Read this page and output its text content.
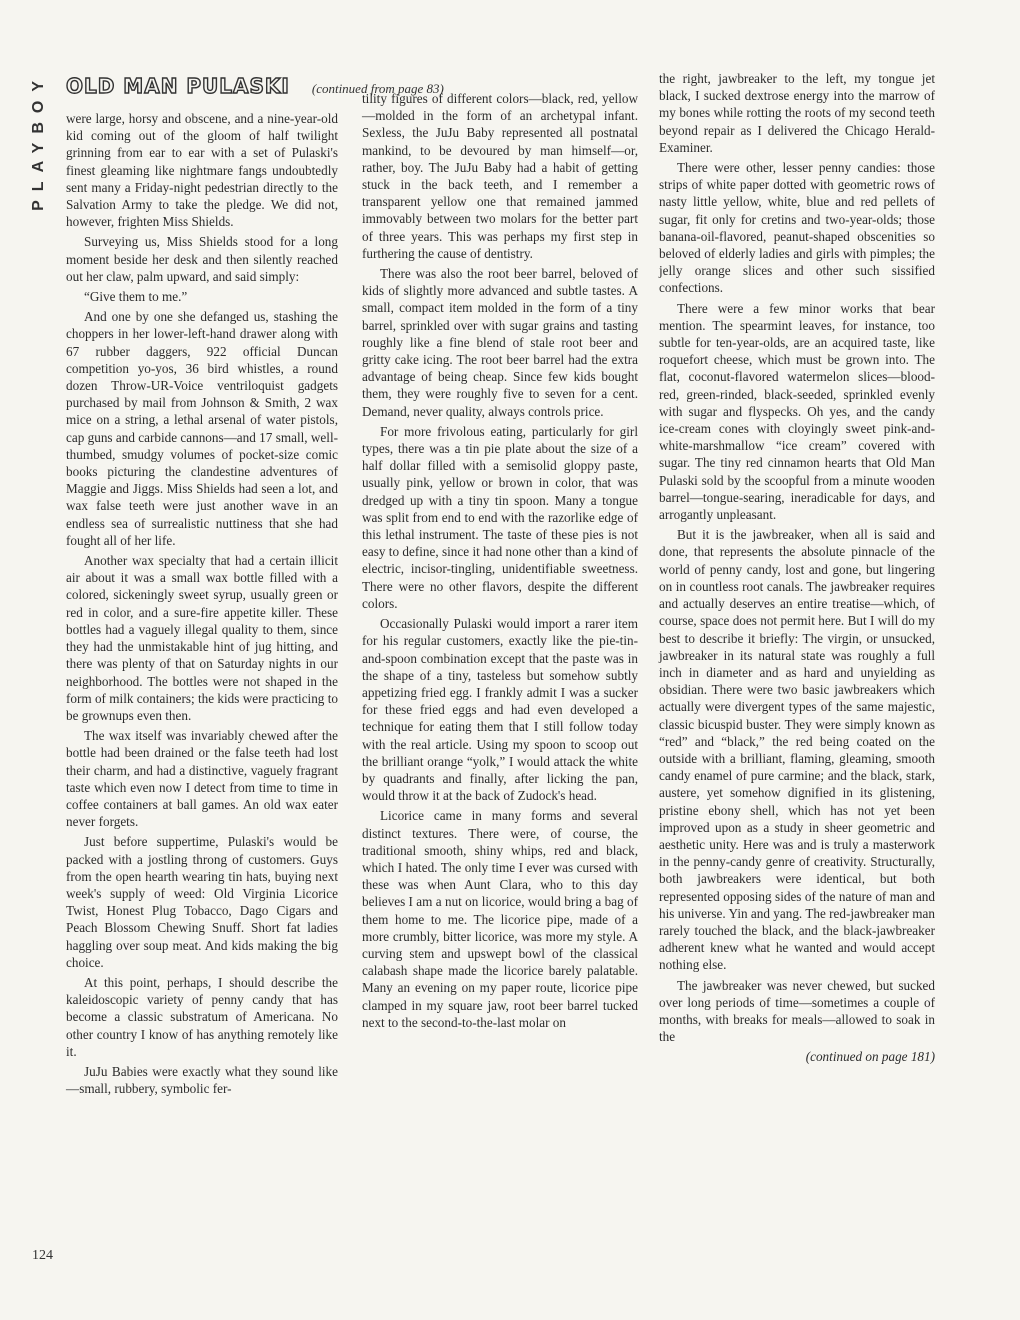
PLAYBOY OLD MAN PULASKI (continued from page 83)

were large, horsy and obscene, and a nine-year-old kid coming out of the gloom of half twilight grinning from ear to ear with a set of Pulaski's finest gleaming like nightmare fangs undoubtedly sent many a Friday-night pedestrian directly to the Salvation Army to take the pledge. We did not, however, frighten Miss Shields.

Surveying us, Miss Shields stood for a long moment beside her desk and then silently reached out her claw, palm upward, and said simply:

“Give them to me.”

And one by one she defanged us, stashing the choppers in her lower-left-hand drawer along with 67 rubber daggers, 922 official Duncan competition yo-yos, 36 bird whistles, a round dozen Throw-UR-Voice ventriloquist gadgets purchased by mail from Johnson & Smith, 2 wax mice on a string, a lethal arsenal of water pistols, cap guns and carbide cannons—and 17 small, well-thumbed, smudgy volumes of pocket-size comic books picturing the clandestine adventures of Maggie and Jiggs. Miss Shields had seen a lot, and wax false teeth were just another wave in an endless sea of surrealistic nuttiness that she had fought all of her life.

Another wax specialty that had a certain illicit air about it was a small wax bottle filled with a colored, sickeningly sweet syrup, usually green or red in color, and a sure-fire appetite killer. These bottles had a vaguely illegal quality to them, since they had the unmistakable hint of jug hitting, and there was plenty of that on Saturday nights in our neighborhood. The bottles were not shaped in the form of milk containers; the kids were practicing to be grownups even then.

The wax itself was invariably chewed after the bottle had been drained or the false teeth had lost their charm, and had a distinctive, vaguely fragrant taste which even now I detect from time to time in coffee containers at ball games. An old wax eater never forgets.

Just before suppertime, Pulaski's would be packed with a jostling throng of customers. Guys from the open hearth wearing tin hats, buying next week's supply of weed: Old Virginia Licorice Twist, Honest Plug Tobacco, Dago Cigars and Peach Blossom Chewing Snuff. Short fat ladies haggling over soup meat. And kids making the big choice.

At this point, perhaps, I should describe the kaleidoscopic variety of penny candy that has become a classic substratum of Americana. No other country I know of has anything remotely like it.

JuJu Babies were exactly what they sound like—small, rubbery, symbolic fer-

tility figures of different colors—black, red, yellow—molded in the form of an archetypal infant. Sexless, the JuJu Baby represented all postnatal mankind, to be devoured by man himself—or, rather, boy. The JuJu Baby had a habit of getting stuck in the back teeth, and I remember a transparent yellow one that remained jammed immovably between two molars for the better part of three years. This was perhaps my first step in furthering the cause of dentistry.

There was also the root beer barrel, beloved of kids of slightly more advanced and subtle tastes. A small, compact item molded in the form of a tiny barrel, sprinkled over with sugar grains and tasting roughly like a fine blend of stale root beer and gritty cake icing. The root beer barrel had the extra advantage of being cheap. Since few kids bought them, they were roughly five to seven for a cent. Demand, never quality, always controls price.

For more frivolous eating, particularly for girl types, there was a tin pie plate about the size of a half dollar filled with a semisolid gloppy paste, usually pink, yellow or brown in color, that was dredged up with a tiny tin spoon. Many a tongue was split from end to end with the razorlike edge of this lethal instrument. The taste of these pies is not easy to define, since it had none other than a kind of electric, incisor-tingling, unidentifiable sweetness. There were no other flavors, despite the different colors.

Occasionally Pulaski would import a rarer item for his regular customers, exactly like the pie-tin-and-spoon combination except that the paste was in the shape of a tiny, tasteless but somehow subtly appetizing fried egg. I frankly admit I was a sucker for these fried eggs and had even developed a technique for eating them that I still follow today with the real article. Using my spoon to scoop out the brilliant orange “yolk,” I would attack the white by quadrants and finally, after licking the pan, would throw it at the back of Zudock's head.

Licorice came in many forms and several distinct textures. There were, of course, the traditional smooth, shiny whips, red and black, which I hated. The only time I ever was cursed with these was when Aunt Clara, who to this day believes I am a nut on licorice, would bring a bag of them home to me. The licorice pipe, made of a more crumbly, bitter licorice, was more my style. A curving stem and upswept bowl of the classical calabash shape made the licorice barely palatable. Many an evening on my paper route, licorice pipe clamped in my square jaw, root beer barrel tucked next to the second-to-the-last molar on

the right, jawbreaker to the left, my tongue jet black, I sucked dextrose energy into the marrow of my bones while rotting the roots of my second teeth beyond repair as I delivered the Chicago Herald-Examiner.

There were other, lesser penny candies: those strips of white paper dotted with geometric rows of nasty little yellow, white, blue and red pellets of sugar, fit only for cretins and two-year-olds; those banana-oil-flavored, peanut-shaped obscenities so beloved of elderly ladies and girls with pimples; the jelly orange slices and other such sissified confections.

There were a few minor works that bear mention. The spearmint leaves, for instance, too subtle for ten-year-olds, are an acquired taste, like roquefort cheese, which must be grown into. The flat, coconut-flavored watermelon slices—blood-red, green-rinded, black-seeded, sprinkled evenly with sugar and flyspecks. Oh yes, and the candy ice-cream cones with cloyingly sweet pink-and-white-marshmallow “ice cream” covered with sugar. The tiny red cinnamon hearts that Old Man Pulaski sold by the scoopful from a minute wooden barrel—tongue-searing, ineradicable for days, and arrogantly unpleasant.

But it is the jawbreaker, when all is said and done, that represents the absolute pinnacle of the world of penny candy, lost and gone, but lingering on in countless root canals. The jawbreaker requires and actually deserves an entire treatise—which, of course, space does not permit here. But I will do my best to describe it briefly: The virgin, or unsucked, jawbreaker in its natural state was roughly a full inch in diameter and as hard and unyielding as obsidian. There were two basic jawbreakers which actually were divergent types of the same majestic, classic bicuspid buster. They were simply known as “red” and “black,” the red being coated on the outside with a brilliant, flaming, gleaming, smooth candy enamel of pure carmine; and the black, stark, austere, yet somehow dignified in its glistening, pristine ebony shell, which has not yet been improved upon as a study in sheer geometric and aesthetic unity. Here was and is truly a masterwork in the penny-candy genre of creativity. Structurally, both jawbreakers were identical, but both represented opposing sides of the nature of man and his universe. Yin and yang. The red-jawbreaker man rarely touched the black, and the black-jawbreaker adherent knew what he wanted and would accept nothing else.

The jawbreaker was never chewed, but sucked over long periods of time—sometimes a couple of months, with breaks for meals—allowed to soak in the

(continued on page 181)
124
